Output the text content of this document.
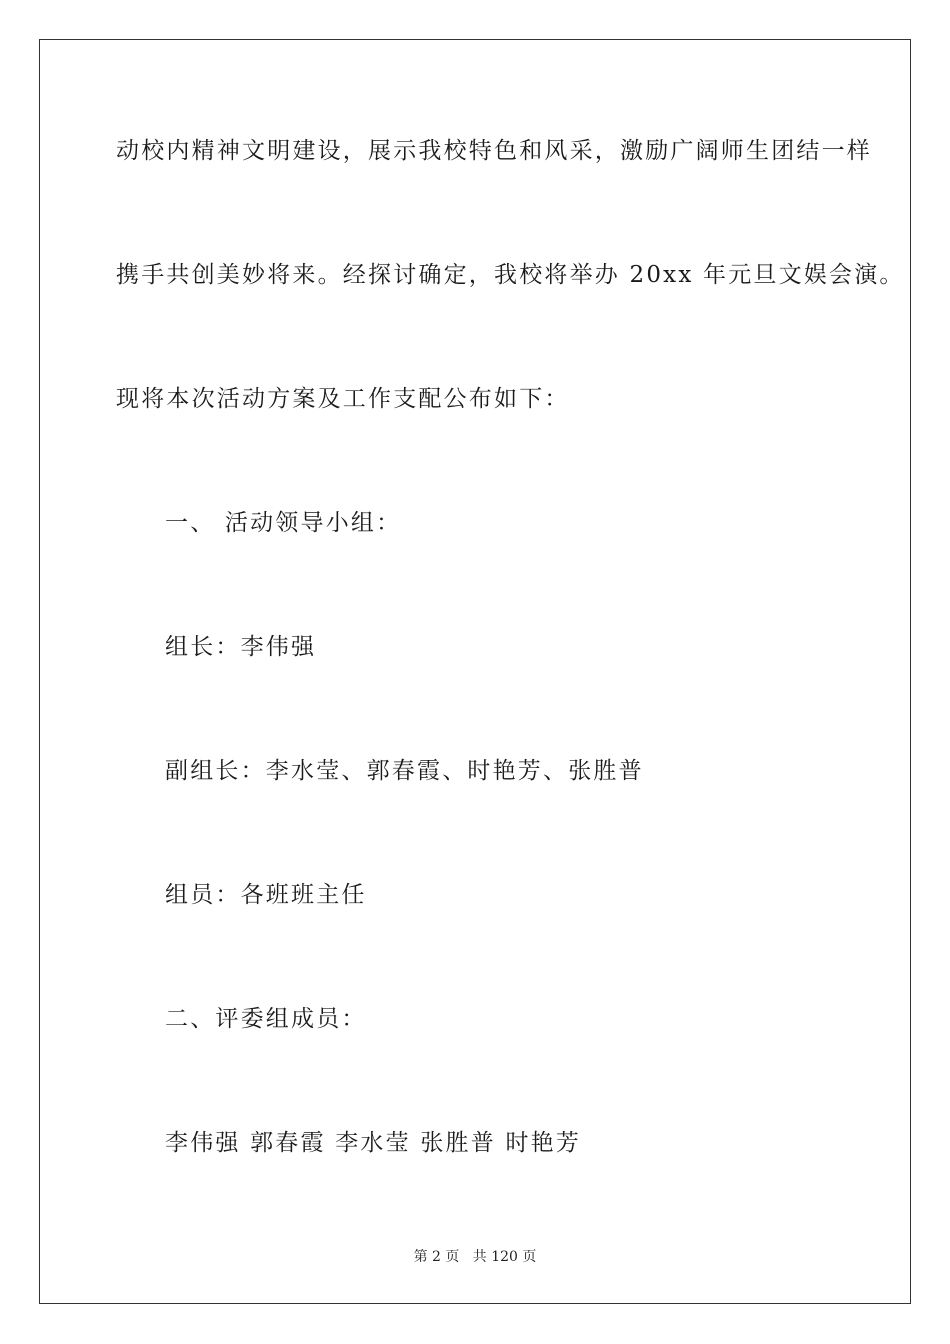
动校内精神文明建设，展示我校特色和风采，激励广阔师生团结一样
携手共创美妙将来。经探讨确定，我校将举办 20xx 年元旦文娱会演。
现将本次活动方案及工作支配公布如下：
一、 活动领导小组：
组长：李伟强
副组长：李水莹、郭春霞、时艳芳、张胜普
组员：各班班主任
二、评委组成员：
李伟强 郭春霞 李水莹 张胜普 时艳芳
第 2 页 共 120 页
